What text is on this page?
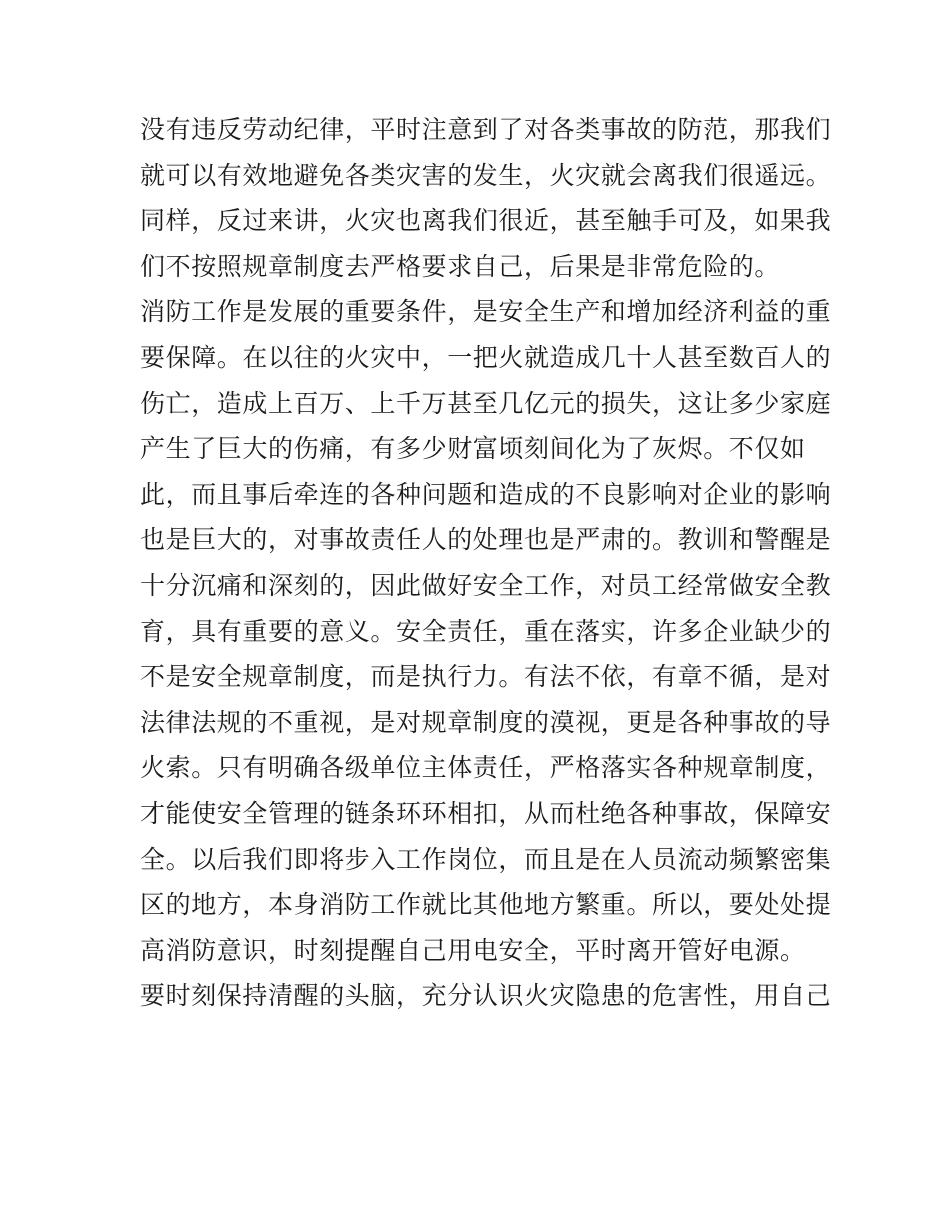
没有违反劳动纪律，平时注意到了对各类事故的防范，那我们
就可以有效地避免各类灾害的发生，火灾就会离我们很遥远。
同样，反过来讲，火灾也离我们很近，甚至触手可及，如果我
们不按照规章制度去严格要求自己，后果是非常危险的。
消防工作是发展的重要条件，是安全生产和增加经济利益的重
要保障。在以往的火灾中，一把火就造成几十人甚至数百人的
伤亡，造成上百万、上千万甚至几亿元的损失，这让多少家庭
产生了巨大的伤痛，有多少财富顷刻间化为了灰烬。不仅如
此，而且事后牵连的各种问题和造成的不良影响对企业的影响
也是巨大的，对事故责任人的处理也是严肃的。教训和警醒是
十分沉痛和深刻的，因此做好安全工作，对员工经常做安全教
育，具有重要的意义。安全责任，重在落实，许多企业缺少的
不是安全规章制度，而是执行力。有法不依，有章不循，是对
法律法规的不重视，是对规章制度的漠视，更是各种事故的导
火索。只有明确各级单位主体责任，严格落实各种规章制度，
才能使安全管理的链条环环相扣，从而杜绝各种事故，保障安
全。以后我们即将步入工作岗位，而且是在人员流动频繁密集
区的地方，本身消防工作就比其他地方繁重。所以，要处处提
高消防意识，时刻提醒自己用电安全，平时离开管好电源。
要时刻保持清醒的头脑，充分认识火灾隐患的危害性，用自己
